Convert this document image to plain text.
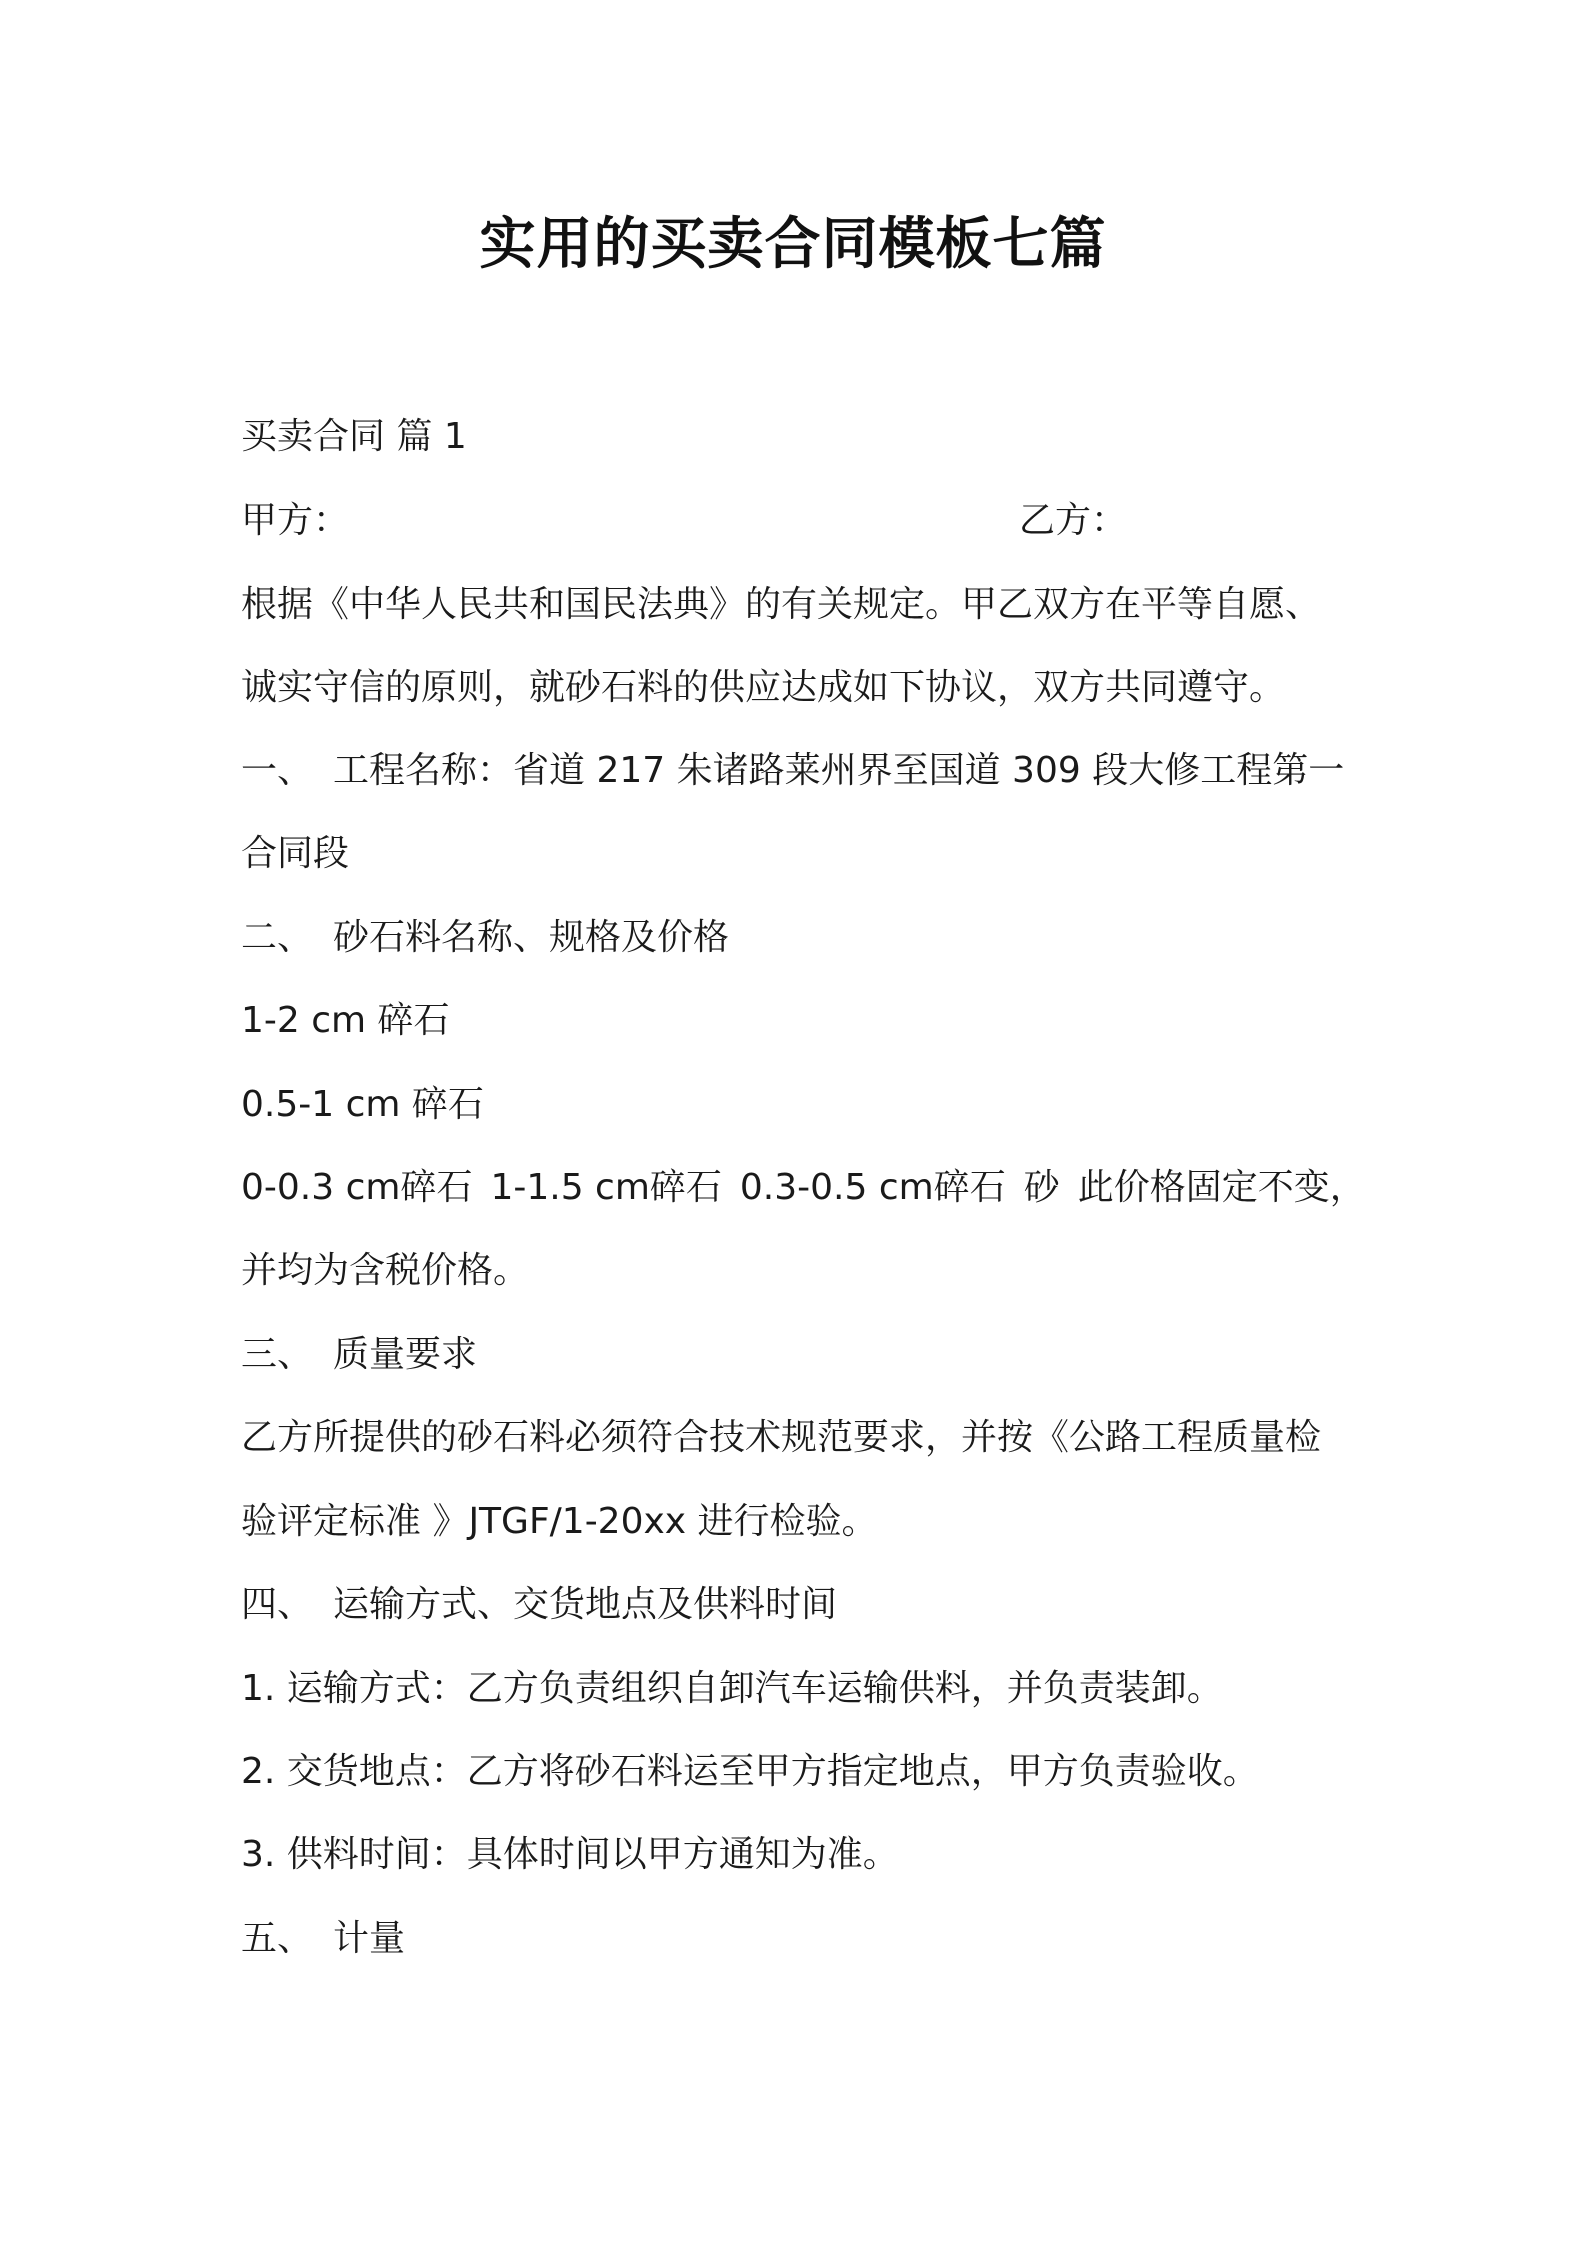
实用的买卖合同模板七篇
买卖合同 篇 1
甲方：	乙方：
根据《中华人民共和国民法典》的有关规定。甲乙双方在平等自愿、
诚实守信的原则，就砂石料的供应达成如下协议，双方共同遵守。
一、 工程名称：省道 217 朱诸路莱州界至国道 309 段大修工程第一
合同段
二、 砂石料名称、规格及价格
1-2 cm 碎石
0.5-1 cm 碎石
0-0.3 cm碎石 1-1.5 cm碎石 0.3-0.5 cm碎石 砂 此价格固定不变，
并均为含税价格。
三、 质量要求
乙方所提供的砂石料必须符合技术规范要求，并按《公路工程质量检
验评定标准 》JTGF/1-20xx 进行检验。
四、 运输方式、交货地点及供料时间
1. 运输方式：乙方负责组织自卸汽车运输供料，并负责装卸。
2. 交货地点：乙方将砂石料运至甲方指定地点，甲方负责验收。
3. 供料时间：具体时间以甲方通知为准。
五、 计量
